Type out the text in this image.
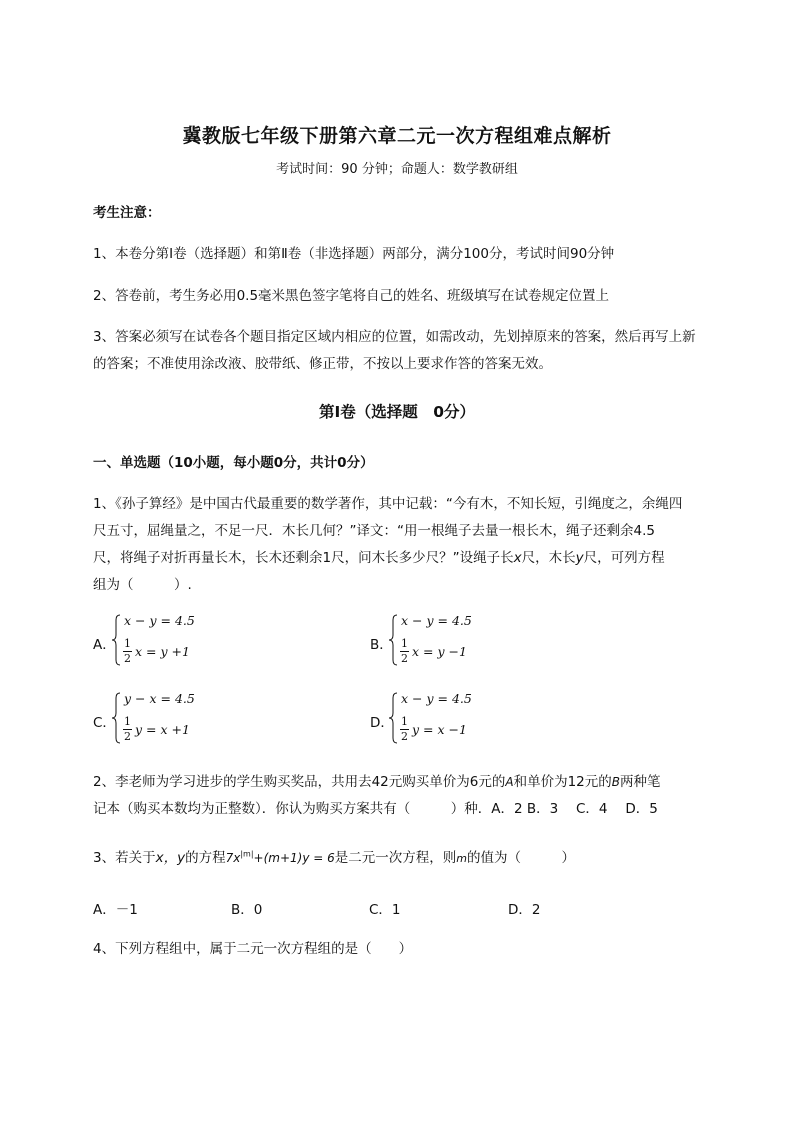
冀教版七年级下册第六章二元一次方程组难点解析
考试时间：90 分钟；命题人：数学教研组
考生注意：
1、本卷分第Ⅰ卷（选择题）和第Ⅱ卷（非选择题）两部分，满分100分，考试时间90分钟
2、答卷前，考生务必用0.5毫米黑色签字笔将自己的姓名、班级填写在试卷规定位置上
3、答案必须写在试卷各个题目指定区域内相应的位置，如需改动，先划掉原来的答案，然后再写上新
的答案；不准使用涂改液、胶带纸、修正带，不按以上要求作答的答案无效。
第Ⅰ卷（选择题　0分）
一、单选题（10小题，每小题0分，共计0分）
1、《孙子算经》是中国古代最重要的数学著作，其中记载：“今有木，不知长短，引绳度之，余绳四
尺五寸，屈绳量之，不足一尺．木长几何？”译文：“用一根绳子去量一根长木，绳子还剩余4.5
尺，将绳子对折再量长木，长木还剩余1尺，问木长多少尺？”设绳子长x尺，木长y尺，可列方程
组为（　　　）.
A．
x − y = 4.5
1
2 x = y +1	B．
x − y = 4.5
1
2 x = y −1
C．
y − x = 4.5
1
2 y = x +1	D．
x − y = 4.5
1
2 y = x −1
2、李老师为学习进步的学生购买奖品，共用去42元购买单价为6元的A和单价为12元的B两种笔
记本（购买本数均为正整数）．你认为购买方案共有（　　　）种．A．2 B．3　 C．4　 D．5
3、若关于x，y的方程$7x^{|m|}+(m+1)y = 6$是二元一次方程，则m的值为（　　　）
A．－1	B．0	C．1	D．2
4、下列方程组中，属于二元一次方程组的是（　　）
